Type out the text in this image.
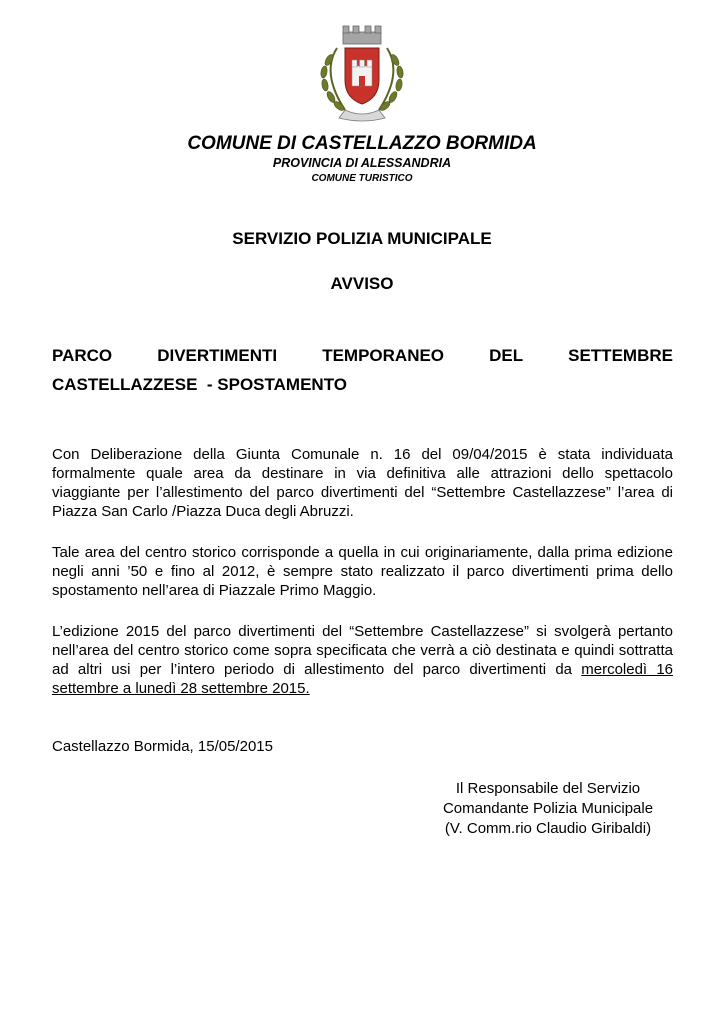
COMUNE DI CASTELLAZZO BORMIDA
PROVINCIA DI ALESSANDRIA
COMUNE TURISTICO
SERVIZIO POLIZIA MUNICIPALE
AVVISO
PARCO	DIVERTIMENTI	TEMPORANEO	DEL	SETTEMBRE
CASTELLAZZESE  - SPOSTAMENTO

Con Deliberazione della Giunta Comunale n. 16 del 09/04/2015 è stata individuata formalmente quale area da destinare in via definitiva alle attrazioni dello spettacolo viaggiante per l’allestimento del parco divertimenti del “Settembre Castellazzese” l’area di Piazza San Carlo /Piazza Duca degli Abruzzi.

Tale area del centro storico corrisponde a quella in cui originariamente, dalla prima edizione negli anni ’50 e fino al 2012, è sempre stato realizzato il parco divertimenti prima dello spostamento nell’area di Piazzale Primo Maggio.

L’edizione 2015 del parco divertimenti del “Settembre Castellazzese” si svolgerà pertanto nell’area del centro storico come sopra specificata che verrà a ciò destinata e quindi sottratta ad altri usi per l’intero periodo di allestimento del parco divertimenti da mercoledì 16 settembre a lunedì 28 settembre 2015.

Castellazzo Bormida, 15/05/2015
Il Responsabile del Servizio
Comandante Polizia Municipale
(V. Comm.rio Claudio Giribaldi)
